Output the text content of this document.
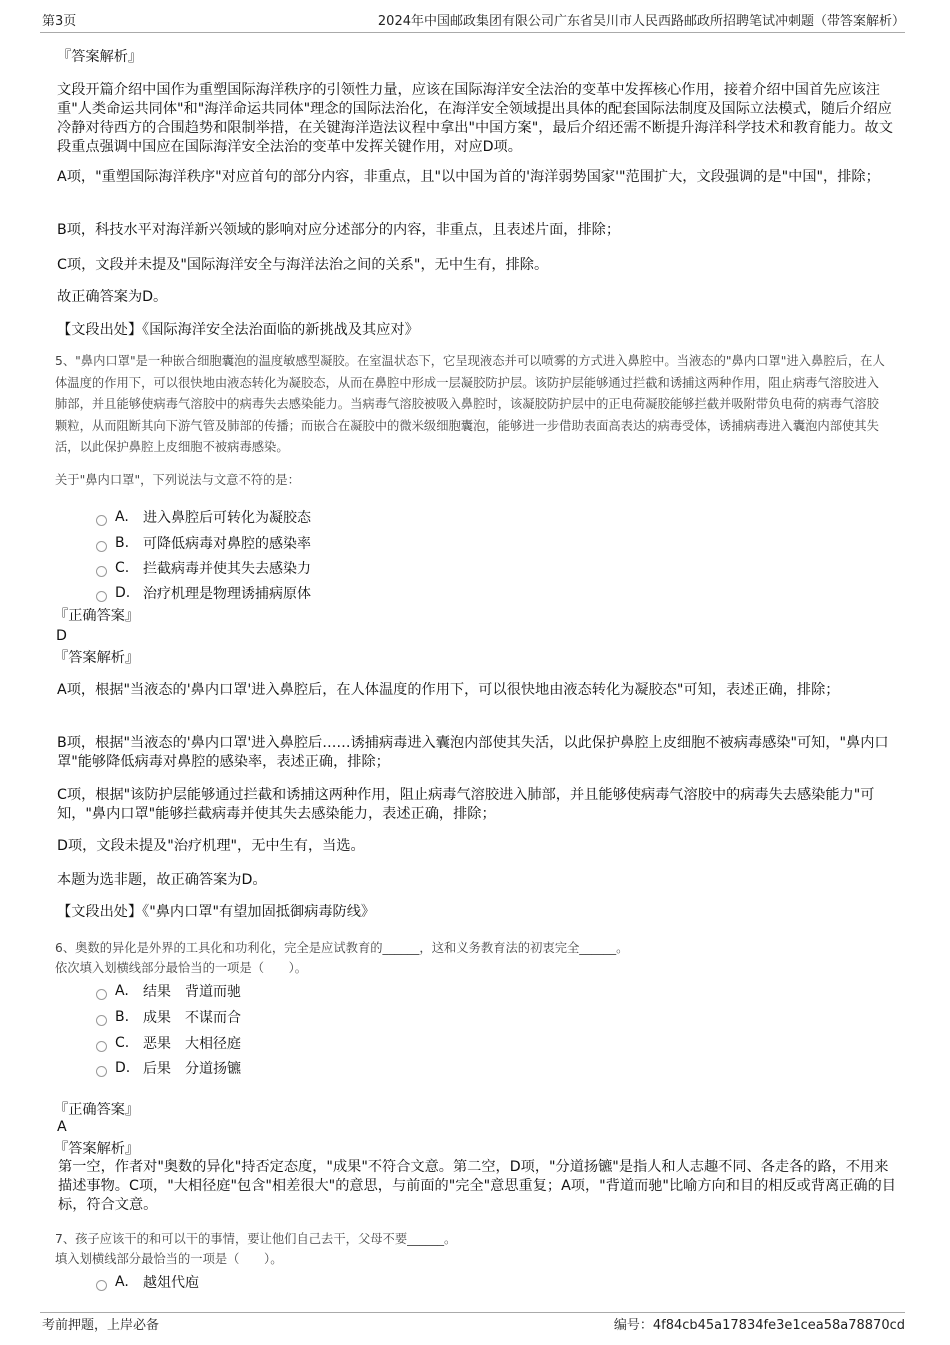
第3页	2024年中国邮政集团有限公司广东省吴川市人民西路邮政所招聘笔试冲刺题（带答案解析）
『答案解析』
文段开篇介绍中国作为重塑国际海洋秩序的引领性力量，应该在国际海洋安全法治的变革中发挥核心作用，接着介绍中国首先应该注重"人类命运共同体"和"海洋命运共同体"理念的国际法治化，在海洋安全领域提出具体的配套国际法制度及国际立法模式，随后介绍应冷静对待西方的合围趋势和限制举措，在关键海洋造法议程中拿出"中国方案"，最后介绍还需不断提升海洋科学技术和教育能力。故文段重点强调中国应在国际海洋安全法治的变革中发挥关键作用，对应D项。
A项，"重塑国际海洋秩序"对应首句的部分内容，非重点，且"以中国为首的'海洋弱势国家'"范围扩大，文段强调的是"中国"，排除；
B项，科技水平对海洋新兴领域的影响对应分述部分的内容，非重点，且表述片面，排除；
C项，文段并未提及"国际海洋安全与海洋法治之间的关系"，无中生有，排除。
故正确答案为D。
【文段出处】《国际海洋安全法治面临的新挑战及其应对》
5、"鼻内口罩"是一种嵌合细胞囊泡的温度敏感型凝胶。在室温状态下，它呈现液态并可以喷雾的方式进入鼻腔中。当液态的"鼻内口罩"进入鼻腔后，在人体温度的作用下，可以很快地由液态转化为凝胶态，从而在鼻腔中形成一层凝胶防护层。该防护层能够通过拦截和诱捕这两种作用，阻止病毒气溶胶进入肺部，并且能够使病毒气溶胶中的病毒失去感染能力。当病毒气溶胶被吸入鼻腔时，该凝胶防护层中的正电荷凝胶能够拦截并吸附带负电荷的病毒气溶胶颗粒，从而阻断其向下游气管及肺部的传播；而嵌合在凝胶中的微米级细胞囊泡，能够进一步借助表面高表达的病毒受体，诱捕病毒进入囊泡内部使其失活，以此保护鼻腔上皮细胞不被病毒感染。
关于"鼻内口罩"，下列说法与文意不符的是：
A.	进入鼻腔后可转化为凝胶态
B. 可降低病毒对鼻腔的感染率
C. 拦截病毒并使其失去感染力
D. 治疗机理是物理诱捕病原体
『正确答案』
D
『答案解析』
A项，根据"当液态的'鼻内口罩'进入鼻腔后，在人体温度的作用下，可以很快地由液态转化为凝胶态"可知，表述正确，排除；
B项，根据"当液态的'鼻内口罩'进入鼻腔后……诱捕病毒进入囊泡内部使其失活，以此保护鼻腔上皮细胞不被病毒感染"可知，"鼻内口罩"能够降低病毒对鼻腔的感染率，表述正确，排除；
C项，根据"该防护层能够通过拦截和诱捕这两种作用，阻止病毒气溶胶进入肺部，并且能够使病毒气溶胶中的病毒失去感染能力"可知，"鼻内口罩"能够拦截病毒并使其失去感染能力，表述正确，排除；
D项，文段未提及"治疗机理"，无中生有，当选。
本题为选非题，故正确答案为D。
【文段出处】《"鼻内口罩"有望加固抵御病毒防线》
6、奥数的异化是外界的工具化和功利化，完全是应试教育的______，这和义务教育法的初衷完全______。
依次填入划横线部分最恰当的一项是（　　）。
A.	结果　背道而驰
B. 成果　不谋而合
C. 恶果　大相径庭
D. 后果　分道扬镳
『正确答案』
A
『答案解析』
第一空，作者对"奥数的异化"持否定态度，"成果"不符合文意。第二空，D项，"分道扬镳"是指人和人志趣不同、各走各的路，不用来描述事物。C项，"大相径庭"包含"相差很大"的意思，与前面的"完全"意思重复；A项，"背道而驰"比喻方向和目的相反或背离正确的目标，符合文意。
7、孩子应该干的和可以干的事情，要让他们自己去干，父母不要______。
填入划横线部分最恰当的一项是（　　）。
A.	越俎代庖
考前押题，上岸必备	编号：4f84cb45a17834fe3e1cea58a78870cd
